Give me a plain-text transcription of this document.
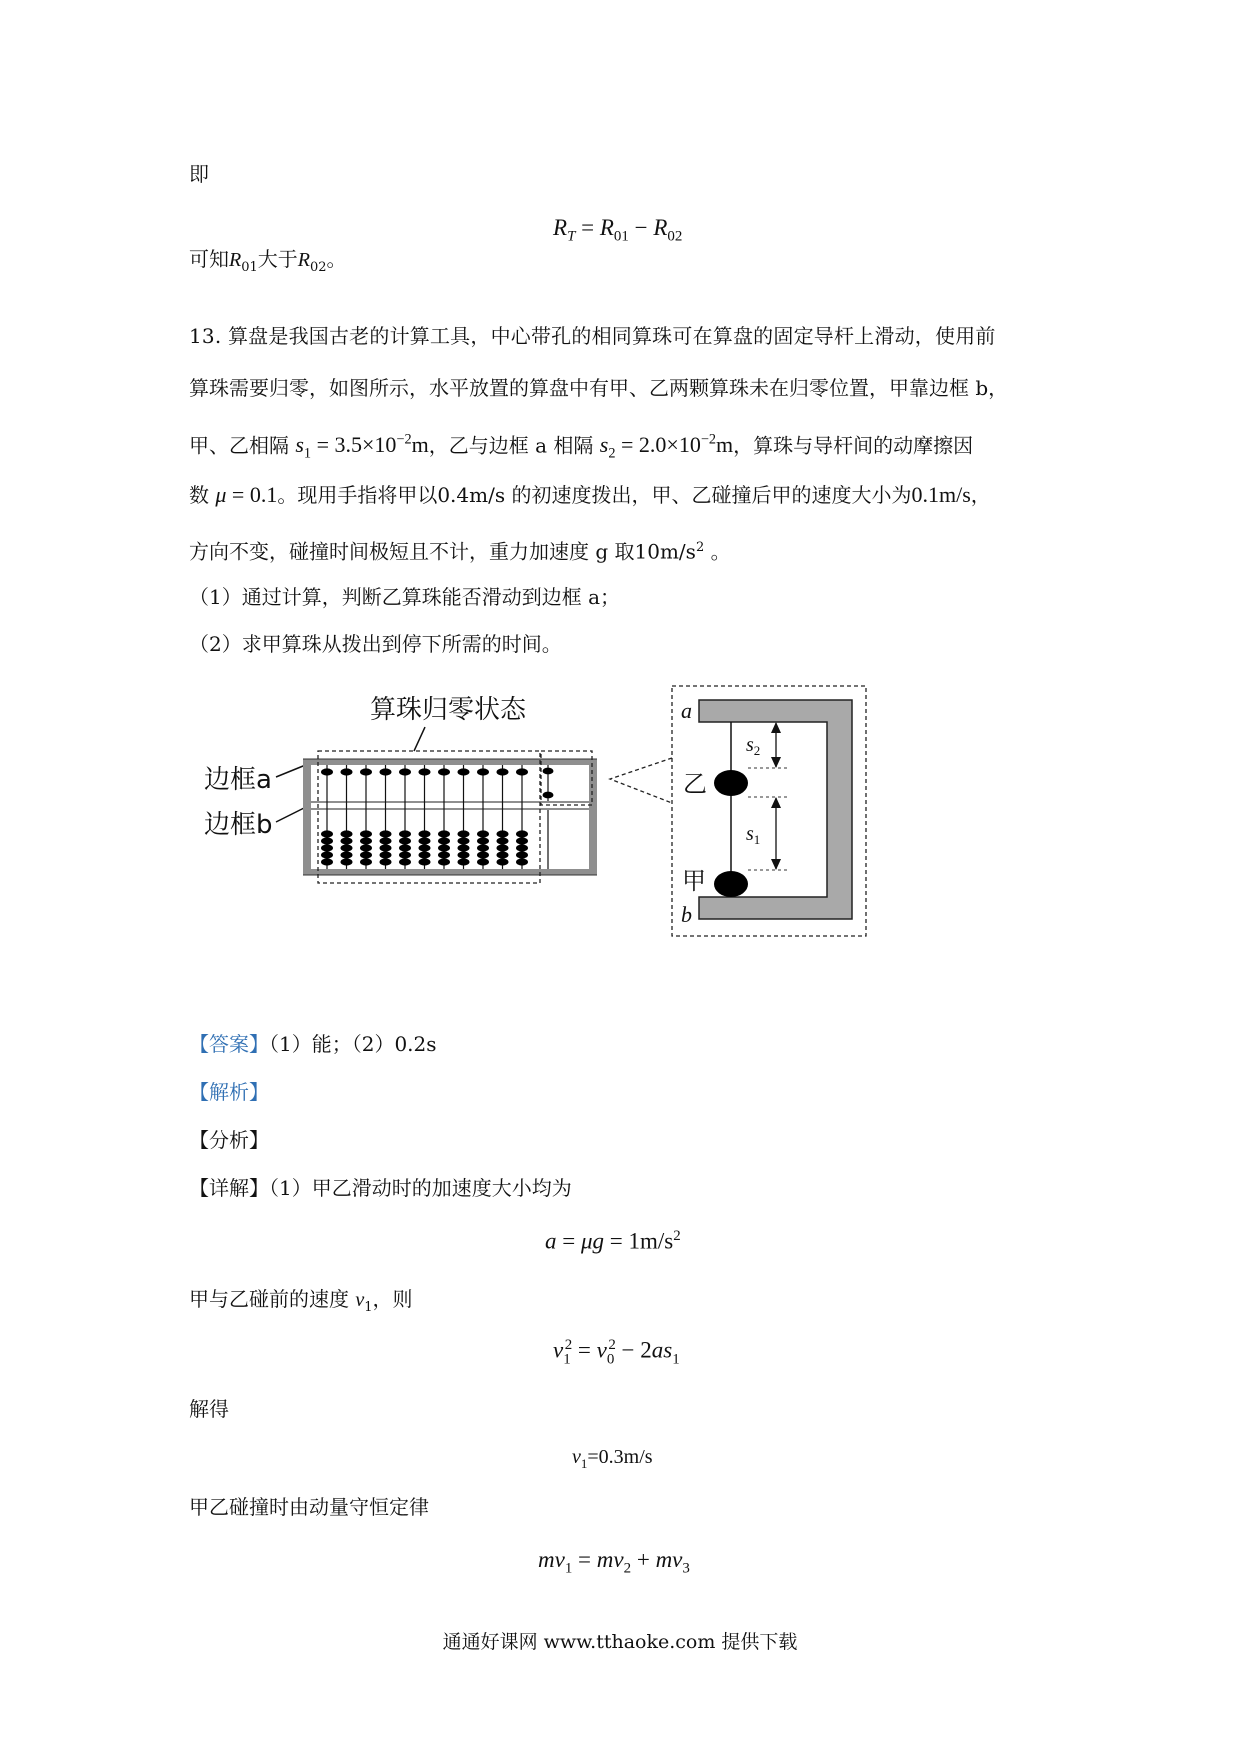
即
$R_T = R_{01} - R_{02}$
可知$R_{01}$大于$R_{02}$。
13. 算盘是我国古老的计算工具，中心带孔的相同算珠可在算盘的固定导杆上滑动，使用前
算珠需要归零，如图所示，水平放置的算盘中有甲、乙两颗算珠未在归零位置，甲靠边框 b，
甲、乙相隔 $s_1 = 3.5\times 10^{-2}m$，乙与边框 a 相隔 $s_2 = 2.0\times 10^{-2}m$，算珠与导杆间的动摩擦因
数 μ = 0.1。现用手指将甲以0.4m/s 的初速度拨出，甲、乙碰撞后甲的速度大小为0.1m/s，
方向不变，碰撞时间极短且不计，重力加速度 g 取$10m/s^2$ 。
（1）通过计算，判断乙算珠能否滑动到边框 a；
（2）求甲算珠从拨出到停下所需的时间。
算珠归零状态
边框a
边框b
a
b
乙
甲
$s_2$
$s_1$
【答案】（1）能；（2）0.2s
【解析】
【分析】
【详解】（1）甲乙滑动时的加速度大小均为
$a = \mu g = 1m/s^2$
甲与乙碰前的速度 $v_1$，则
$v_1^2 = v_0^2 - 2as_1$
解得
$v_1=0.3m/s$
甲乙碰撞时由动量守恒定律
$mv_1 = mv_2 + mv_3$
通通好课网 www.tthaoke.com 提供下载
